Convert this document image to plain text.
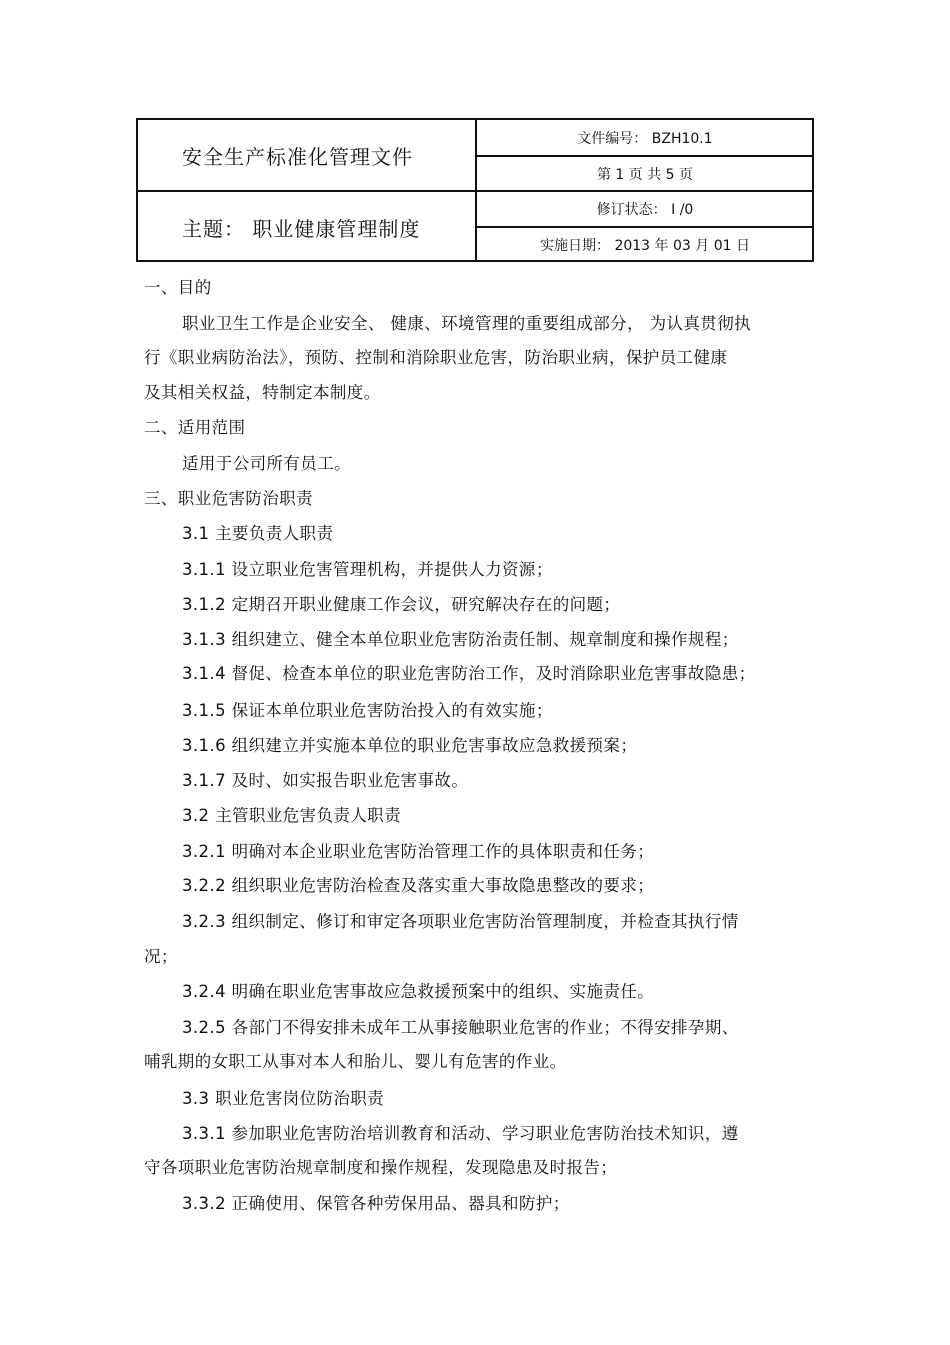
安全生产标准化管理文件
主题： 职业健康管理制度
文件编号： BZH10.1
第 1 页 共 5 页
修订状态： I /0
实施日期： 2013 年 03 月 01 日
一、目的
职业卫生工作是企业安全、 健康、环境管理的重要组成部分， 为认真贯彻执
行《职业病防治法》，预防、控制和消除职业危害，防治职业病，保护员工健康
及其相关权益，特制定本制度。
二、适用范围
适用于公司所有员工。
三、职业危害防治职责
3.1 主要负责人职责
3.1.1 设立职业危害管理机构，并提供人力资源；
3.1.2 定期召开职业健康工作会议，研究解决存在的问题；
3.1.3 组织建立、健全本单位职业危害防治责任制、规章制度和操作规程；
3.1.4 督促、检查本单位的职业危害防治工作，及时消除职业危害事故隐患；
3.1.5 保证本单位职业危害防治投入的有效实施；
3.1.6 组织建立并实施本单位的职业危害事故应急救援预案；
3.1.7 及时、如实报告职业危害事故。
3.2 主管职业危害负责人职责
3.2.1 明确对本企业职业危害防治管理工作的具体职责和任务；
3.2.2 组织职业危害防治检查及落实重大事故隐患整改的要求；
3.2.3 组织制定、修订和审定各项职业危害防治管理制度，并检查其执行情
况；
3.2.4 明确在职业危害事故应急救援预案中的组织、实施责任。
3.2.5 各部门不得安排未成年工从事接触职业危害的作业；不得安排孕期、
哺乳期的女职工从事对本人和胎儿、婴儿有危害的作业。
3.3 职业危害岗位防治职责
3.3.1 参加职业危害防治培训教育和活动、学习职业危害防治技术知识，遵
守各项职业危害防治规章制度和操作规程，发现隐患及时报告；
3.3.2 正确使用、保管各种劳保用品、器具和防护；
